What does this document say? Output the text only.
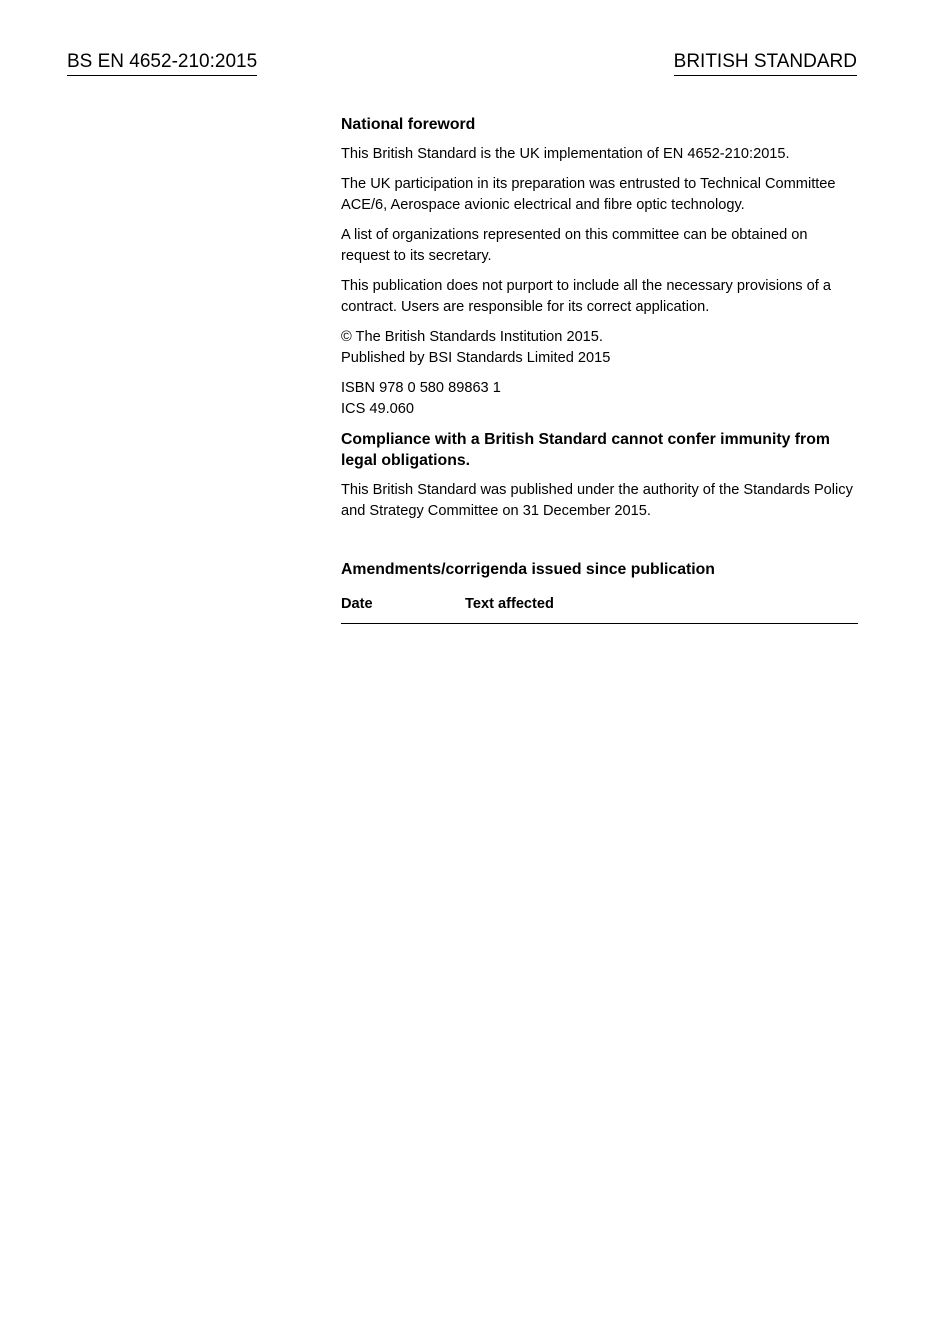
BS EN 4652-210:2015	BRITISH STANDARD
National foreword

This British Standard is the UK implementation of EN 4652-210:2015.

The UK participation in its preparation was entrusted to Technical Committee ACE/6, Aerospace avionic electrical and fibre optic technology.

A list of organizations represented on this committee can be obtained on request to its secretary.

This publication does not purport to include all the necessary provisions of a contract. Users are responsible for its correct application.

© The British Standards Institution 2015.
Published by BSI Standards Limited 2015

ISBN 978 0 580 89863 1
ICS 49.060

Compliance with a British Standard cannot confer immunity from legal obligations.

This British Standard was published under the authority of the Standards Policy and Strategy Committee on 31 December 2015.

Amendments/corrigenda issued since publication
Date	Text affected
